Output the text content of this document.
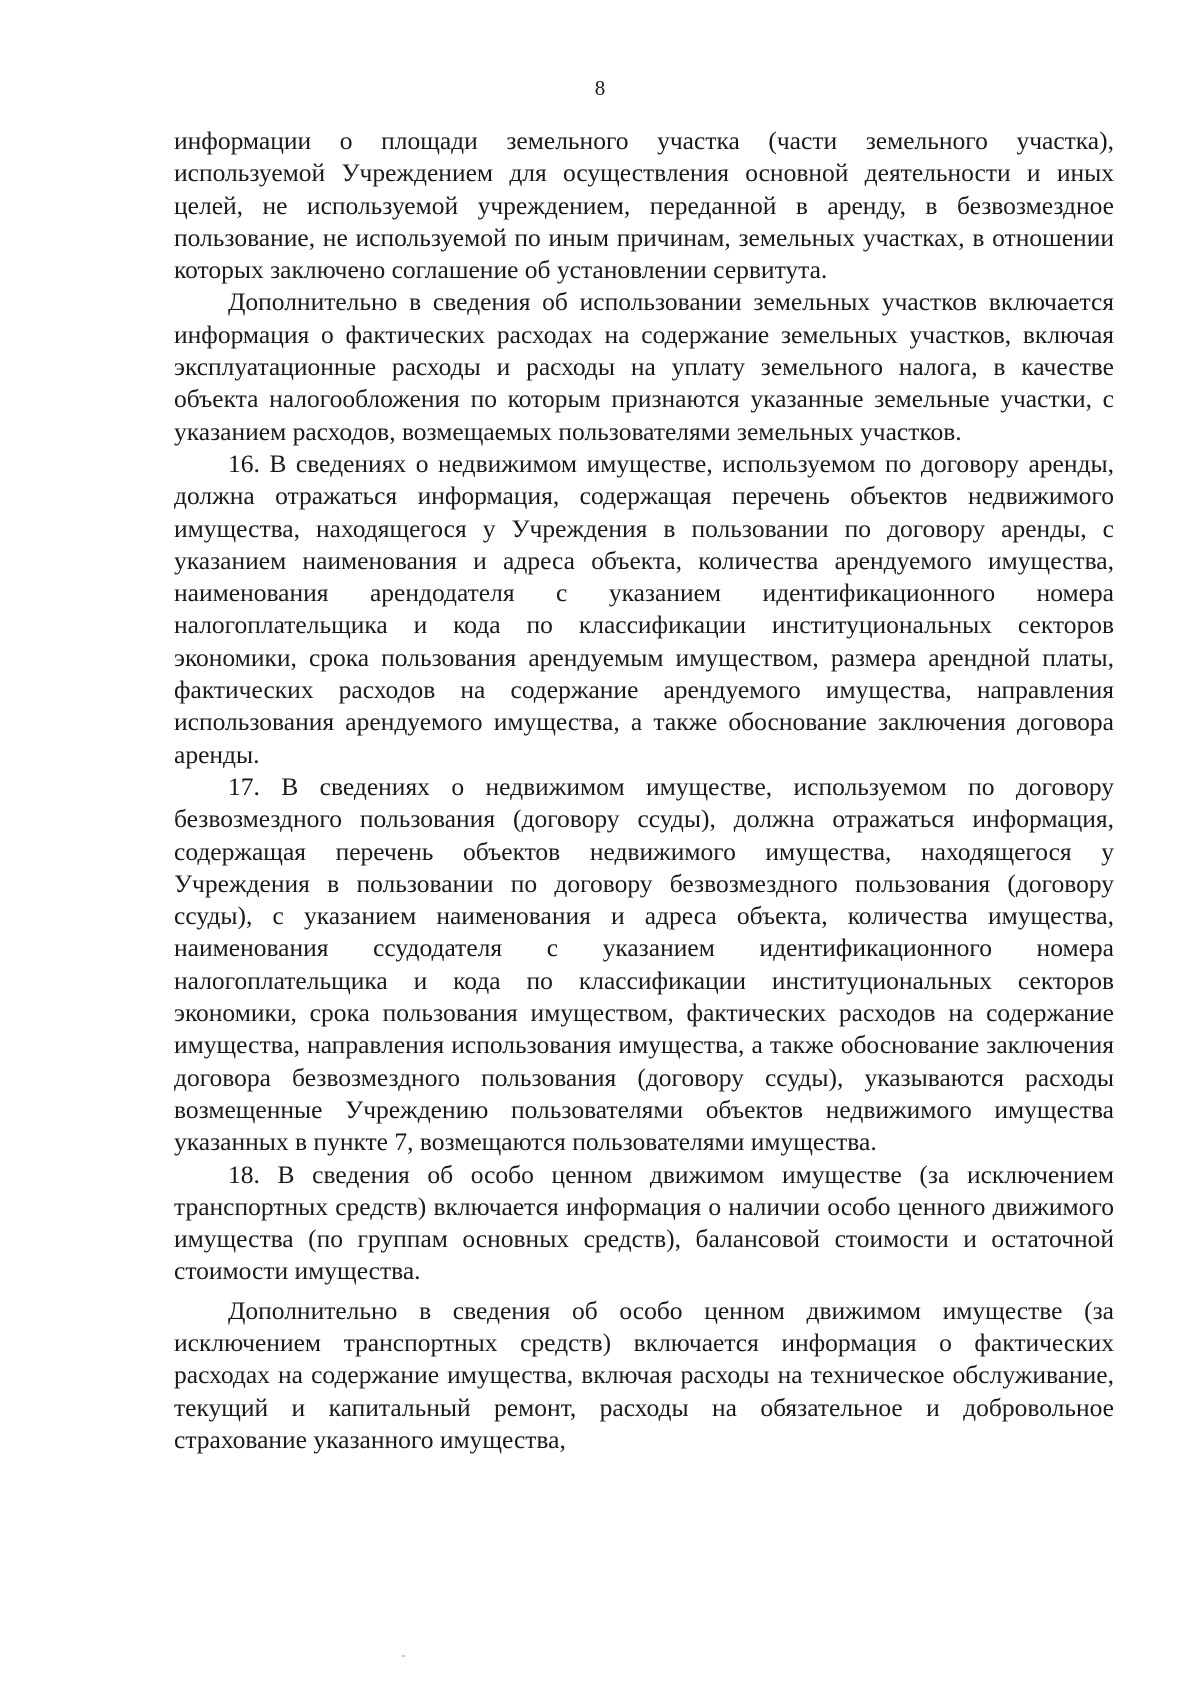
8

информации о площади земельного участка (части земельного участка), используемой Учреждением для осуществления основной деятельности и иных целей, не используемой учреждением, переданной в аренду, в безвозмездное пользование, не используемой по иным причинам, земельных участках, в отношении которых заключено соглашение об установлении сервитута.

Дополнительно в сведения об использовании земельных участков включается информация о фактических расходах на содержание земельных участков, включая эксплуатационные расходы и расходы на уплату земельного налога, в качестве объекта налогообложения по которым признаются указанные земельные участки, с указанием расходов, возмещаемых пользователями земельных участков.

16. В сведениях о недвижимом имуществе, используемом по договору аренды, должна отражаться информация, содержащая перечень объектов недвижимого имущества, находящегося у Учреждения в пользовании по договору аренды, с указанием наименования и адреса объекта, количества арендуемого имущества, наименования арендодателя с указанием идентификационного номера налогоплательщика и кода по классификации институциональных секторов экономики, срока пользования арендуемым имуществом, размера арендной платы, фактических расходов на содержание арендуемого имущества, направления использования арендуемого имущества, а также обоснование заключения договора аренды.

17. В сведениях о недвижимом имуществе, используемом по договору безвозмездного пользования (договору ссуды), должна отражаться информация, содержащая перечень объектов недвижимого имущества, находящегося у Учреждения в пользовании по договору безвозмездного пользования (договору ссуды), с указанием наименования и адреса объекта, количества имущества, наименования ссудодателя с указанием идентификационного номера налогоплательщика и кода по классификации институциональных секторов экономики, срока пользования имуществом, фактических расходов на содержание имущества, направления использования имущества, а также обоснование заключения договора безвозмездного пользования (договору ссуды), указываются расходы возмещенные Учреждению пользователями объектов недвижимого имущества указанных в пункте 7, возмещаются пользователями имущества.

18. В сведения об особо ценном движимом имуществе (за исключением транспортных средств) включается информация о наличии особо ценного движимого имущества (по группам основных средств), балансовой стоимости и остаточной стоимости имущества.

Дополнительно в сведения об особо ценном движимом имуществе (за исключением транспортных средств) включается информация о фактических расходах на содержание имущества, включая расходы на техническое обслуживание, текущий и капитальный ремонт, расходы на обязательное и добровольное страхование указанного имущества,
